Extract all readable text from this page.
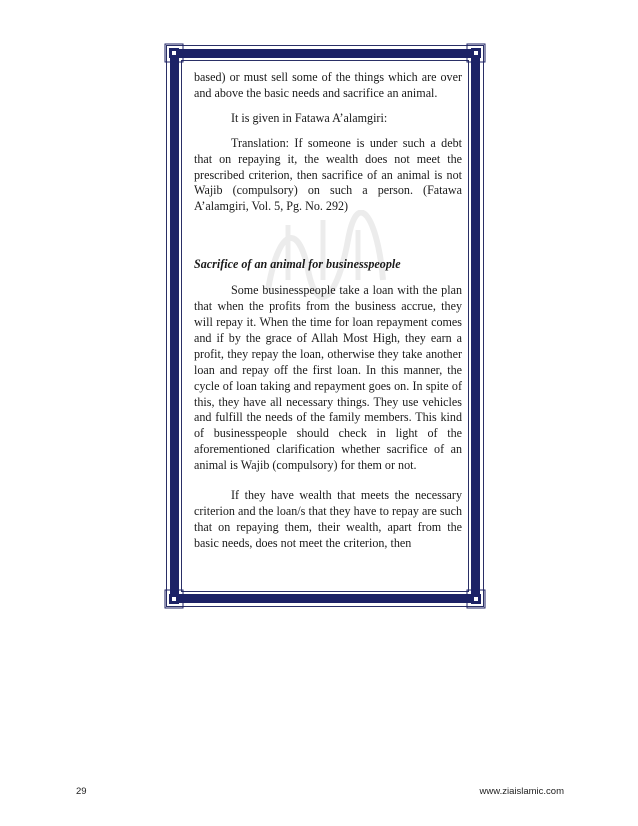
based) or must sell some of the things which are over and above the basic needs and sacrifice an animal.

It is given in Fatawa A’alamgiri:

Translation: If someone is under such a debt that on repaying it, the wealth does not meet the prescribed criterion, then sacrifice of an animal is not Wajib (compulsory) on such a person. (Fatawa A’alamgiri, Vol. 5, Pg. No. 292)

Sacrifice of an animal for businesspeople

Some businesspeople take a loan with the plan that when the profits from the business accrue, they will repay it. When the time for loan repayment comes and if by the grace of Allah Most High, they earn a profit, they repay the loan, otherwise they take another loan and repay off the first loan. In this manner, the cycle of loan taking and repayment goes on. In spite of this, they have all necessary things. They use vehicles and fulfill the needs of the family members. This kind of businesspeople should check in light of the aforementioned clarification whether sacrifice of an animal is Wajib (compulsory) for them or not.

If they have wealth that meets the necessary criterion and the loan/s that they have to repay are such that on repaying them, their wealth, apart from the basic needs, does not meet the criterion, then

29	www.ziaislamic.com
